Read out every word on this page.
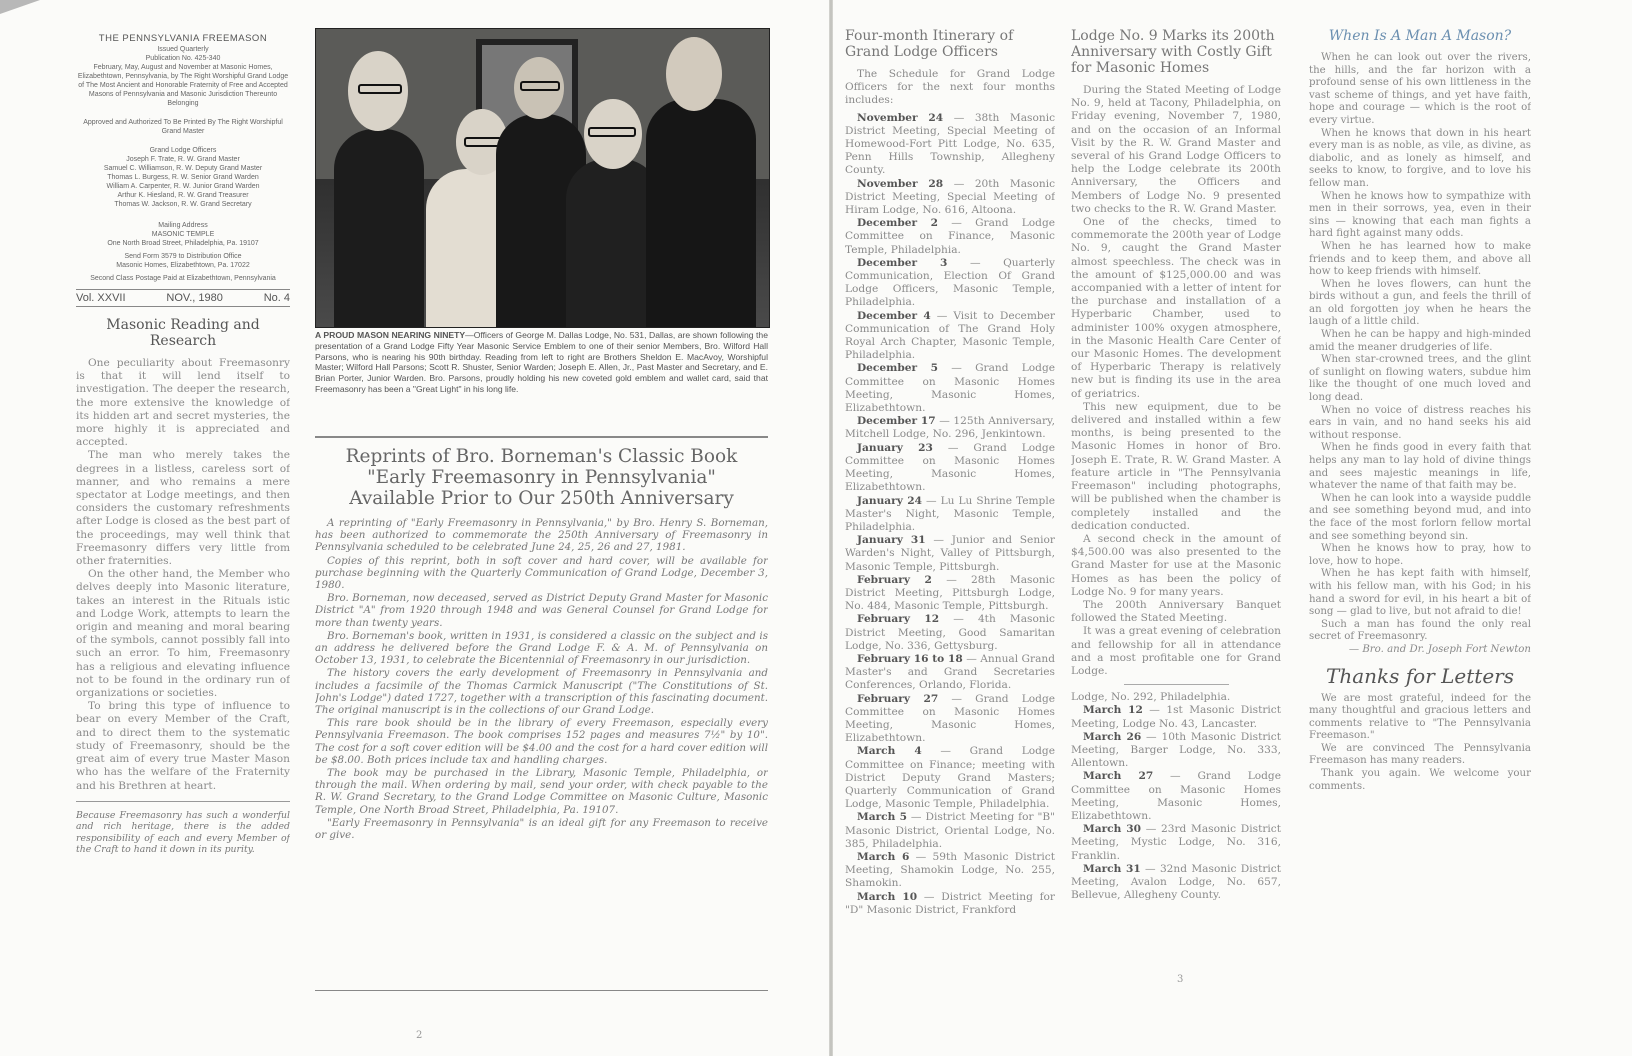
THE PENNSYLVANIA FREEMASON

Issued Quarterly

Publication No. 425-340

February, May, August and November at Masonic Homes, Elizabethtown, Pennsylvania, by The Right Worshipful Grand Lodge of The Most Ancient and Honorable Fraternity of Free and Accepted Masons of Pennsylvania and Masonic Jurisdiction Thereunto Belonging

Approved and Authorized To Be Printed By The Right Worshipful Grand Master

Grand Lodge Officers

Joseph F. Trate, R. W. Grand Master

Samuel C. Williamson, R. W. Deputy Grand Master

Thomas L. Burgess, R. W. Senior Grand Warden

William A. Carpenter, R. W. Junior Grand Warden

Arthur K. Hiesland, R. W. Grand Treasurer

Thomas W. Jackson, R. W. Grand Secretary

Mailing Address

MASONIC TEMPLE

One North Broad Street, Philadelphia, Pa. 19107

Send Form 3579 to Distribution Office

Masonic Homes, Elizabethtown, Pa. 17022

Second Class Postage Paid at Elizabethtown, Pennsylvania

Vol. XXVII	NOV., 1980	No. 4
Masonic Reading and Research

One peculiarity about Freemasonry is that it will lend itself to investigation. The deeper the research, the more extensive the knowledge of its hidden art and secret mysteries, the more highly it is appreciated and accepted.

The man who merely takes the degrees in a listless, careless sort of manner, and who remains a mere spectator at Lodge meetings, and then considers the customary refreshments after Lodge is closed as the best part of the proceedings, may well think that Freemasonry differs very little from other fraternities.

On the other hand, the Member who delves deeply into Masonic literature, takes an interest in the Rituals istic and Lodge Work, attempts to learn the origin and meaning and moral bearing of the symbols, cannot possibly fall into such an error. To him, Freemasonry has a religious and elevating influence not to be found in the ordinary run of organizations or societies.

To bring this type of influence to bear on every Member of the Craft, and to direct them to the systematic study of Freemasonry, should be the great aim of every true Master Mason who has the welfare of the Fraternity and his Brethren at heart.

Because Freemasonry has such a wonderful and rich heritage, there is the added responsibility of each and every Member of the Craft to hand it down in its purity.
A PROUD MASON NEARING NINETY—Officers of George M. Dallas Lodge, No. 531, Dallas, are shown following the presentation of a Grand Lodge Fifty Year Masonic Service Emblem to one of their senior Members, Bro. Wilford Hall Parsons, who is nearing his 90th birthday. Reading from left to right are Brothers Sheldon E. MacAvoy, Worshipful Master; Wilford Hall Parsons; Scott R. Shuster, Senior Warden; Joseph E. Allen, Jr., Past Master and Secretary, and E. Brian Porter, Junior Warden. Bro. Parsons, proudly holding his new coveted gold emblem and wallet card, said that Freemasonry has been a "Great Light" in his long life.
Reprints of Bro. Borneman's Classic Book
"Early Freemasonry in Pennsylvania"
Available Prior to Our 250th Anniversary

A reprinting of "Early Freemasonry in Pennsylvania," by Bro. Henry S. Borneman, has been authorized to commemorate the 250th Anniversary of Freemasonry in Pennsylvania scheduled to be celebrated June 24, 25, 26 and 27, 1981.

Copies of this reprint, both in soft cover and hard cover, will be available for purchase beginning with the Quarterly Communication of Grand Lodge, December 3, 1980.

Bro. Borneman, now deceased, served as District Deputy Grand Master for Masonic District "A" from 1920 through 1948 and was General Counsel for Grand Lodge for more than twenty years.

Bro. Borneman's book, written in 1931, is considered a classic on the subject and is an address he delivered before the Grand Lodge F. & A. M. of Pennsylvania on October 13, 1931, to celebrate the Bicentennial of Freemasonry in our jurisdiction.

The history covers the early development of Freemasonry in Pennsylvania and includes a facsimile of the Thomas Carmick Manuscript ("The Constitutions of St. John's Lodge") dated 1727, together with a transcription of this fascinating document. The original manuscript is in the collections of our Grand Lodge.

This rare book should be in the library of every Freemason, especially every Pennsylvania Freemason. The book comprises 152 pages and measures 7½" by 10". The cost for a soft cover edition will be $4.00 and the cost for a hard cover edition will be $8.00. Both prices include tax and handling charges.

The book may be purchased in the Library, Masonic Temple, Philadelphia, or through the mail. When ordering by mail, send your order, with check payable to the R. W. Grand Secretary, to the Grand Lodge Committee on Masonic Culture, Masonic Temple, One North Broad Street, Philadelphia, Pa. 19107.

"Early Freemasonry in Pennsylvania" is an ideal gift for any Freemason to receive or give.

2
Four-month Itinerary of Grand Lodge Officers

The Schedule for Grand Lodge Officers for the next four months includes:

November 24 — 38th Masonic District Meeting, Special Meeting of Homewood-Fort Pitt Lodge, No. 635, Penn Hills Township, Allegheny County.

November 28 — 20th Masonic District Meeting, Special Meeting of Hiram Lodge, No. 616, Altoona.

December 2 — Grand Lodge Committee on Finance, Masonic Temple, Philadelphia.

December 3 — Quarterly Communication, Election Of Grand Lodge Officers, Masonic Temple, Philadelphia.

December 4 — Visit to December Communication of The Grand Holy Royal Arch Chapter, Masonic Temple, Philadelphia.

December 5 — Grand Lodge Committee on Masonic Homes Meeting, Masonic Homes, Elizabethtown.

December 17 — 125th Anniversary, Mitchell Lodge, No. 296, Jenkintown.

January 23 — Grand Lodge Committee on Masonic Homes Meeting, Masonic Homes, Elizabethtown.

January 24 — Lu Lu Shrine Temple Master's Night, Masonic Temple, Philadelphia.

January 31 — Junior and Senior Warden's Night, Valley of Pittsburgh, Masonic Temple, Pittsburgh.

February 2 — 28th Masonic District Meeting, Pittsburgh Lodge, No. 484, Masonic Temple, Pittsburgh.

February 12 — 4th Masonic District Meeting, Good Samaritan Lodge, No. 336, Gettysburg.

February 16 to 18 — Annual Grand Master's and Grand Secretaries Conferences, Orlando, Florida.

February 27 — Grand Lodge Committee on Masonic Homes Meeting, Masonic Homes, Elizabethtown.

March 4 — Grand Lodge Committee on Finance; meeting with District Deputy Grand Masters; Quarterly Communication of Grand Lodge, Masonic Temple, Philadelphia.

March 5 — District Meeting for "B" Masonic District, Oriental Lodge, No. 385, Philadelphia.

March 6 — 59th Masonic District Meeting, Shamokin Lodge, No. 255, Shamokin.

March 10 — District Meeting for "D" Masonic District, Frankford

Lodge No. 9 Marks its 200th Anniversary with Costly Gift for Masonic Homes

During the Stated Meeting of Lodge No. 9, held at Tacony, Philadelphia, on Friday evening, November 7, 1980, and on the occasion of an Informal Visit by the R. W. Grand Master and several of his Grand Lodge Officers to help the Lodge celebrate its 200th Anniversary, the Officers and Members of Lodge No. 9 presented two checks to the R. W. Grand Master.

One of the checks, timed to commemorate the 200th year of Lodge No. 9, caught the Grand Master almost speechless. The check was in the amount of $125,000.00 and was accompanied with a letter of intent for the purchase and installation of a Hyperbaric Chamber, used to administer 100% oxygen atmosphere, in the Masonic Health Care Center of our Masonic Homes. The development of Hyperbaric Therapy is relatively new but is finding its use in the area of geriatrics.

This new equipment, due to be delivered and installed within a few months, is being presented to the Masonic Homes in honor of Bro. Joseph E. Trate, R. W. Grand Master. A feature article in "The Pennsylvania Freemason" including photographs, will be published when the chamber is completely installed and the dedication conducted.

A second check in the amount of $4,500.00 was also presented to the Grand Master for use at the Masonic Homes as has been the policy of Lodge No. 9 for many years.

The 200th Anniversary Banquet followed the Stated Meeting.

It was a great evening of celebration and fellowship for all in attendance and a most profitable one for Grand Lodge.

Lodge, No. 292, Philadelphia.

March 12 — 1st Masonic District Meeting, Lodge No. 43, Lancaster.

March 26 — 10th Masonic District Meeting, Barger Lodge, No. 333, Allentown.

March 27 — Grand Lodge Committee on Masonic Homes Meeting, Masonic Homes, Elizabethtown.

March 30 — 23rd Masonic District Meeting, Mystic Lodge, No. 316, Franklin.

March 31 — 32nd Masonic District Meeting, Avalon Lodge, No. 657, Bellevue, Allegheny County.

When Is A Man A Mason?

When he can look out over the rivers, the hills, and the far horizon with a profound sense of his own littleness in the vast scheme of things, and yet have faith, hope and courage — which is the root of every virtue.

When he knows that down in his heart every man is as noble, as vile, as divine, as diabolic, and as lonely as himself, and seeks to know, to forgive, and to love his fellow man.

When he knows how to sympathize with men in their sorrows, yea, even in their sins — knowing that each man fights a hard fight against many odds.

When he has learned how to make friends and to keep them, and above all how to keep friends with himself.

When he loves flowers, can hunt the birds without a gun, and feels the thrill of an old forgotten joy when he hears the laugh of a little child.

When he can be happy and high-minded amid the meaner drudgeries of life.

When star-crowned trees, and the glint of sunlight on flowing waters, subdue him like the thought of one much loved and long dead.

When no voice of distress reaches his ears in vain, and no hand seeks his aid without response.

When he finds good in every faith that helps any man to lay hold of divine things and sees majestic meanings in life, whatever the name of that faith may be.

When he can look into a wayside puddle and see something beyond mud, and into the face of the most forlorn fellow mortal and see something beyond sin.

When he knows how to pray, how to love, how to hope.

When he has kept faith with himself, with his fellow man, with his God; in his hand a sword for evil, in his heart a bit of song — glad to live, but not afraid to die!

Such a man has found the only real secret of Freemasonry.

— Bro. and Dr. Joseph Fort Newton

Thanks for Letters

We are most grateful, indeed for the many thoughtful and gracious letters and comments relative to "The Pennsylvania Freemason."

We are convinced The Pennsylvania Freemason has many readers.

Thank you again. We welcome your comments.

3
